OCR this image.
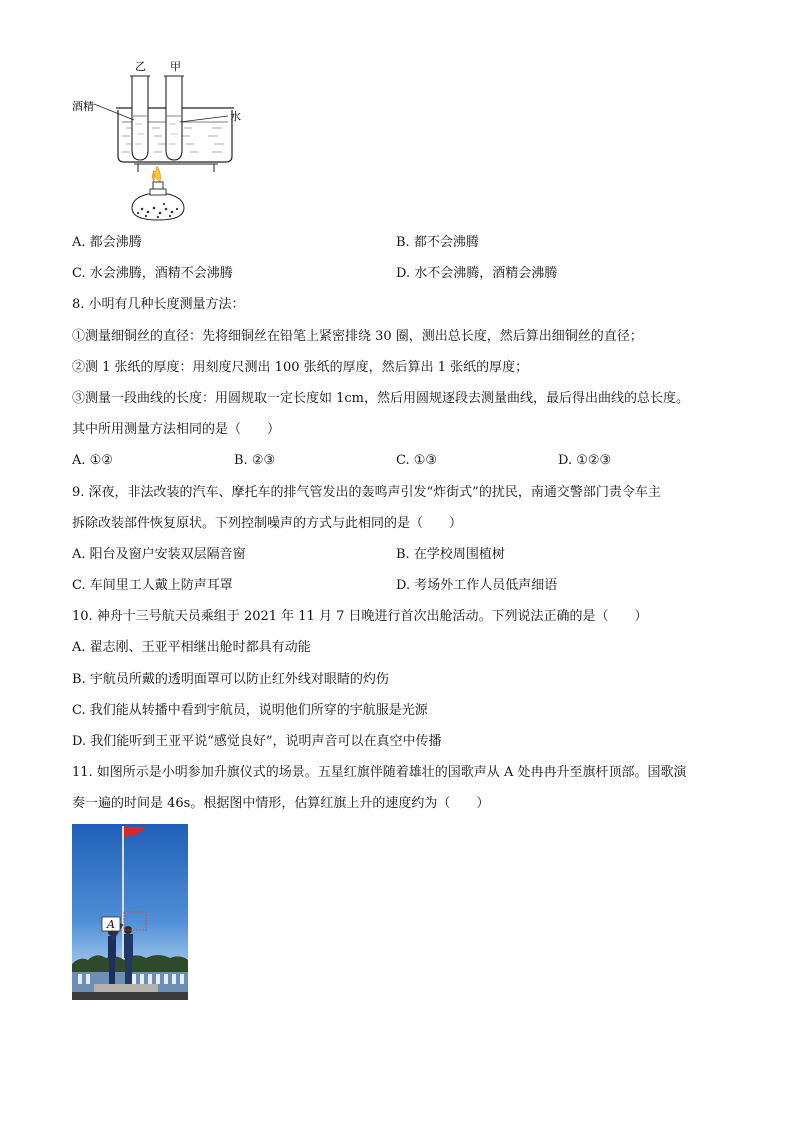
乙 甲
酒精
水
A. 都会沸腾	B. 都不会沸腾
C. 水会沸腾，酒精不会沸腾	D. 水不会沸腾，酒精会沸腾
8. 小明有几种长度测量方法：
①测量细铜丝的直径：先将细铜丝在铅笔上紧密排绕 30 圈，测出总长度，然后算出细铜丝的直径；
②测 1 张纸的厚度：用刻度尺测出 100 张纸的厚度，然后算出 1 张纸的厚度；
③测量一段曲线的长度：用圆规取一定长度如 1cm，然后用圆规逐段去测量曲线，最后得出曲线的总长度。
其中所用测量方法相同的是（　　）
A. ①②	B. ②③	C. ①③	D. ①②③
9. 深夜，非法改装的汽车、摩托车的排气管发出的轰鸣声引发“炸街式”的扰民，南通交警部门责令车主
拆除改装部件恢复原状。下列控制噪声的方式与此相同的是（　　）
A. 阳台及窗户安装双层隔音窗	B. 在学校周围植树
C. 车间里工人戴上防声耳罩	D. 考场外工作人员低声细语
10. 神舟十三号航天员乘组于 2021 年 11 月 7 日晚进行首次出舱活动。下列说法正确的是（　　）
A. 翟志刚、王亚平相继出舱时都具有动能
B. 宇航员所戴的透明面罩可以防止红外线对眼睛的灼伤
C. 我们能从转播中看到宇航员，说明他们所穿的宇航服是光源
D. 我们能听到王亚平说“感觉良好”，说明声音可以在真空中传播
11. 如图所示是小明参加升旗仪式的场景。五星红旗伴随着雄壮的国歌声从 A 处冉冉升至旗杆顶部。国歌演
奏一遍的时间是 46s。根据图中情形，估算红旗上升的速度约为（　　）
A
